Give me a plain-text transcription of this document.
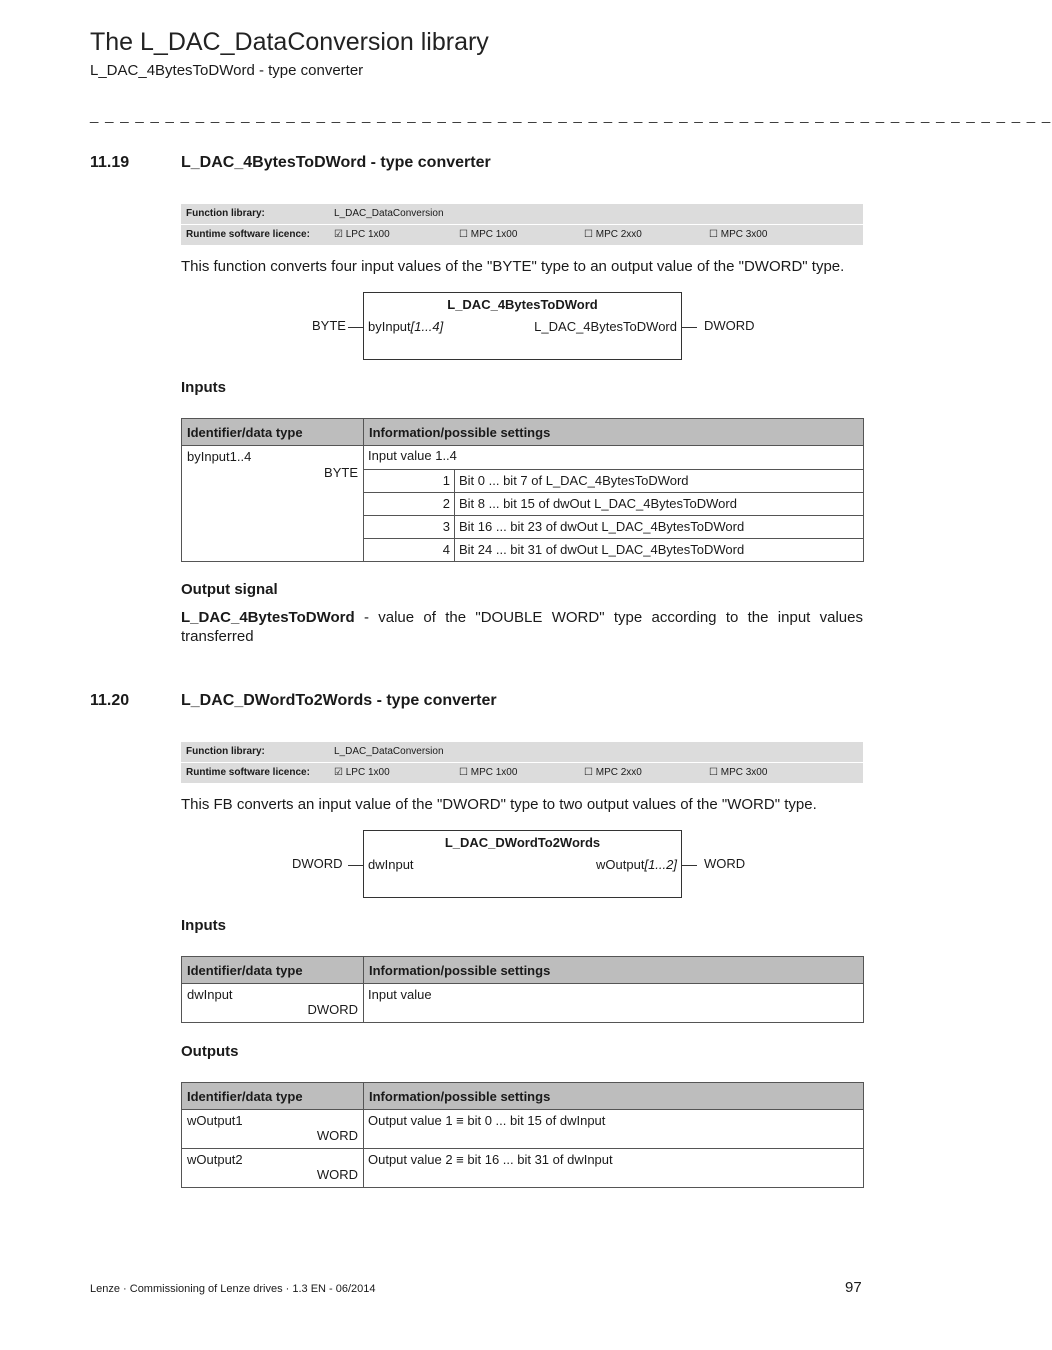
The L_DAC_DataConversion library
L_DAC_4BytesToDWord - type converter
_ _ _ _ _ _ _ _ _ _ _ _ _ _ _ _ _ _ _ _ _ _ _ _ _ _ _ _ _ _ _ _ _ _ _ _ _ _ _ _ _ _ _ _ _ _ _ _ _ _ _ _ _ _ _ _ _ _ _ _ _ _ _ _
11.19	L_DAC_4BytesToDWord - type converter
Function library:	L_DAC_DataConversion
Runtime software licence: ☑ LPC 1x00	☐ MPC 1x00	☐ MPC 2xx0	☐ MPC 3x00
This function converts four input values of the "BYTE" type to an output value of the "DWORD" type.
BYTE
L_DAC_4BytesToDWord
byInput[1...4]	L_DAC_4BytesToDWord DWORD
Inputs
Identifier/data type	Information/possible settings	

byInput1..4
BYTE	Input value 1..4	
	1	Bit 0 ... bit 7 of L_DAC_4BytesToDWord
	2	Bit 8 ... bit 15 of dwOut L_DAC_4BytesToDWord
	3	Bit 16 ... bit 23 of dwOut L_DAC_4BytesToDWord
	4	Bit 24 ... bit 31 of dwOut L_DAC_4BytesToDWord
Output signal
L_DAC_4BytesToDWord - value of the "DOUBLE WORD" type according to the input values transferred
11.20	L_DAC_DWordTo2Words - type converter
Function library:	L_DAC_DataConversion
Runtime software licence: ☑ LPC 1x00	☐ MPC 1x00	☐ MPC 2xx0	☐ MPC 3x00
This FB converts an input value of the "DWORD" type to two output values of the "WORD" type.
DWORD
L_DAC_DWordTo2Words
dwInput	wOutput[1...2] WORD
Inputs
Identifier/data type	Information/possible settings

dwInput
DWORD	Input value
Outputs
Identifier/data type	Information/possible settings

wOutput1
WORD	Output value 1 ≡ bit 0 ... bit 15 of dwInput

wOutput2
WORD	Output value 2 ≡ bit 16 ... bit 31 of dwInput
Lenze · Commissioning of Lenze drives · 1.3 EN - 06/2014	97
